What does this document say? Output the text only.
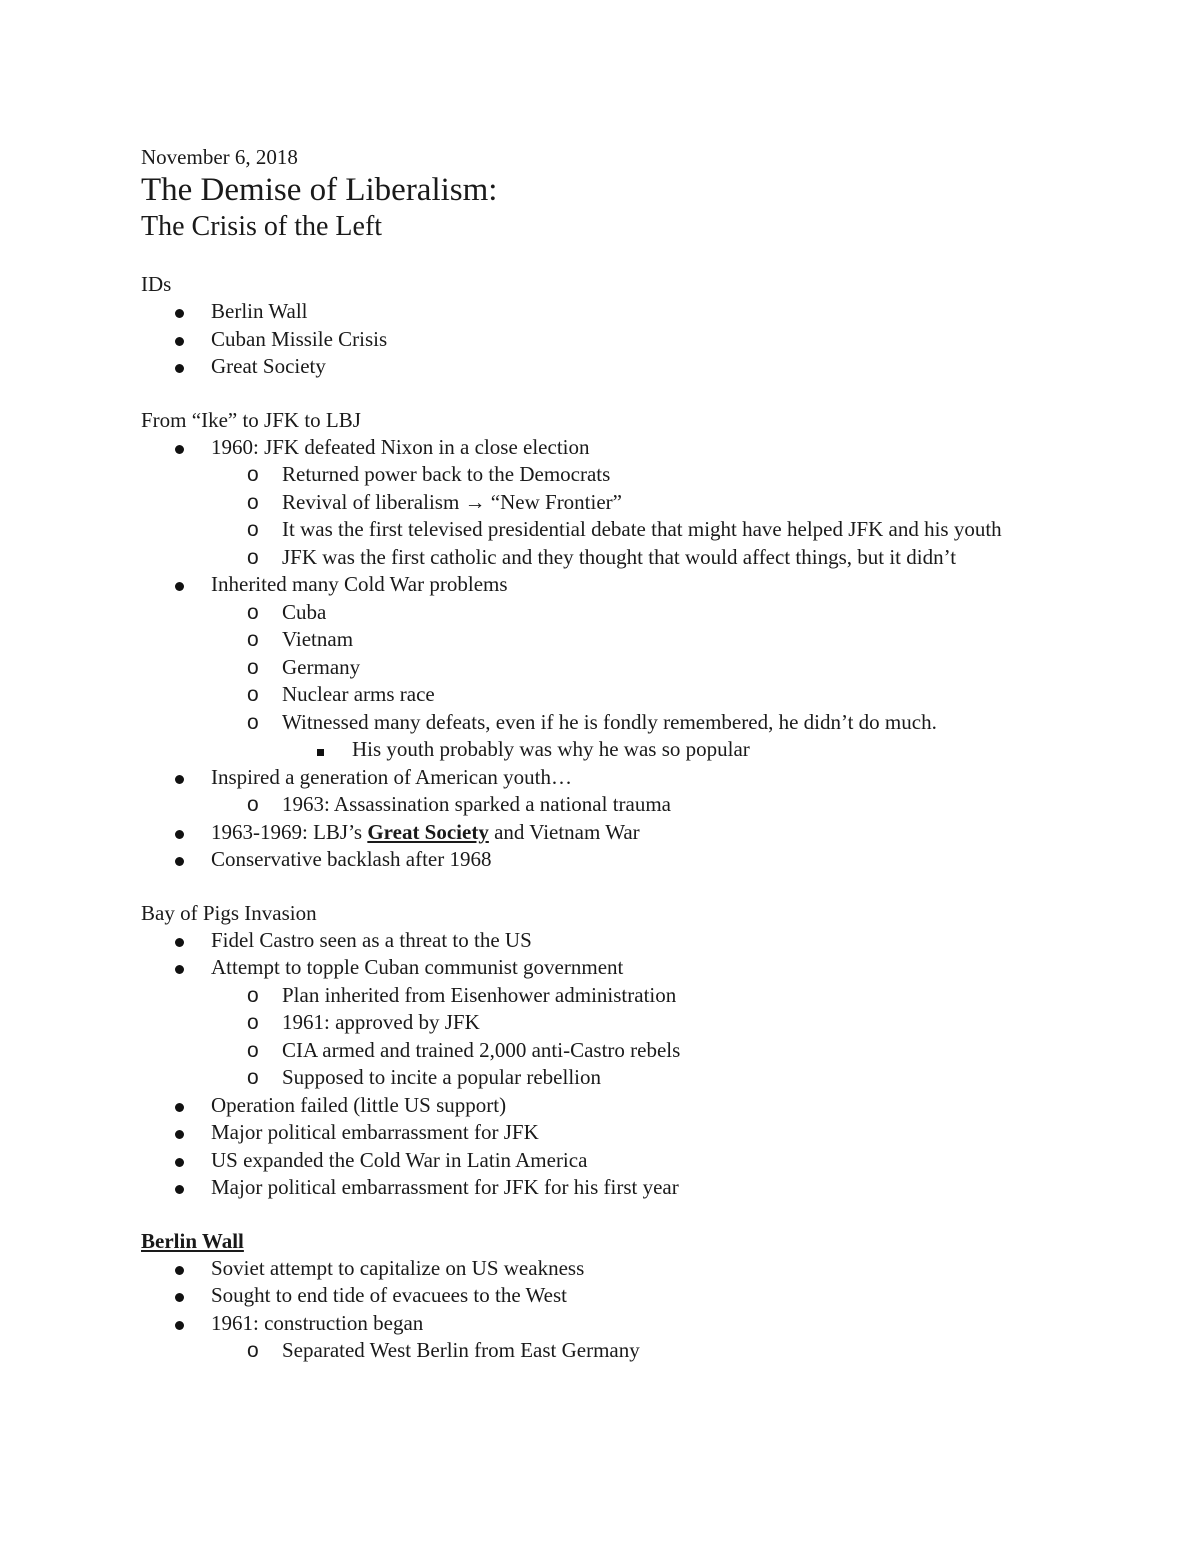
November 6, 2018

The Demise of Liberalism:
The Crisis of the Left

IDs

Berlin Wall
Cuban Missile Crisis
Great Society

From “Ike” to JFK to LBJ

1960: JFK defeated Nixon in a close election
o Returned power back to the Democrats
o Revival of liberalism → “New Frontier”
o It was the first televised presidential debate that might have helped JFK and his youth
o JFK was the first catholic and they thought that would affect things, but it didn’t
Inherited many Cold War problems
o Cuba
o Vietnam
o Germany
o Nuclear arms race
o Witnessed many defeats, even if he is fondly remembered, he didn’t do much.
His youth probably was why he was so popular
Inspired a generation of American youth…
o 1963: Assassination sparked a national trauma
1963-1969: LBJ’s Great Society and Vietnam War
Conservative backlash after 1968

Bay of Pigs Invasion

Fidel Castro seen as a threat to the US
Attempt to topple Cuban communist government
o Plan inherited from Eisenhower administration
o 1961: approved by JFK
o CIA armed and trained 2,000 anti-Castro rebels
o Supposed to incite a popular rebellion
Operation failed (little US support)
Major political embarrassment for JFK
US expanded the Cold War in Latin America
Major political embarrassment for JFK for his first year

Berlin Wall

Soviet attempt to capitalize on US weakness
Sought to end tide of evacuees to the West
1961: construction began
o Separated West Berlin from East Germany
